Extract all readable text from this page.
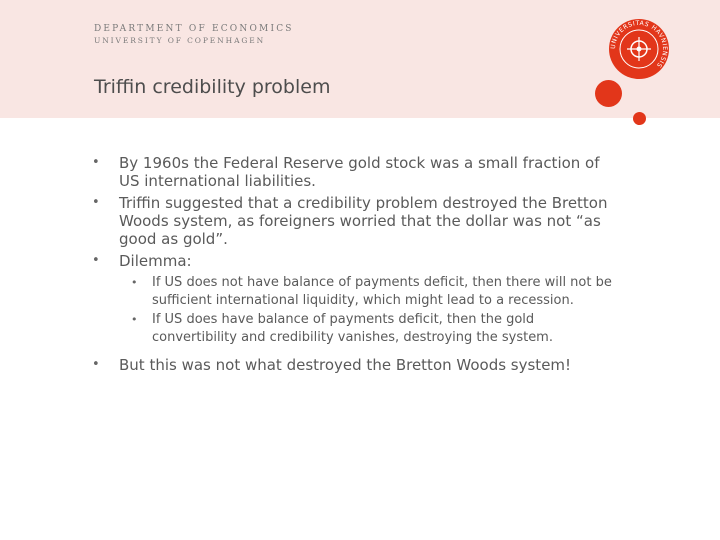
DEPARTMENT OF ECONOMICS
UNIVERSITY OF COPENHAGEN
Triffin credibility problem
UNIVERSITAS HAVNIENSIS
• By 1960s the Federal Reserve gold stock was a small fraction of US international liabilities.
• Triffin suggested that a credibility problem destroyed the Bretton Woods system, as foreigners worried that the dollar was not “as good as gold”.
• Dilemma:
• If US does not have balance of payments deficit, then there will not be sufficient international liquidity, which might lead to a recession.
• If US does have balance of payments deficit, then the gold convertibility and credibility vanishes, destroying the system.
• But this was not what destroyed the Bretton Woods system!
